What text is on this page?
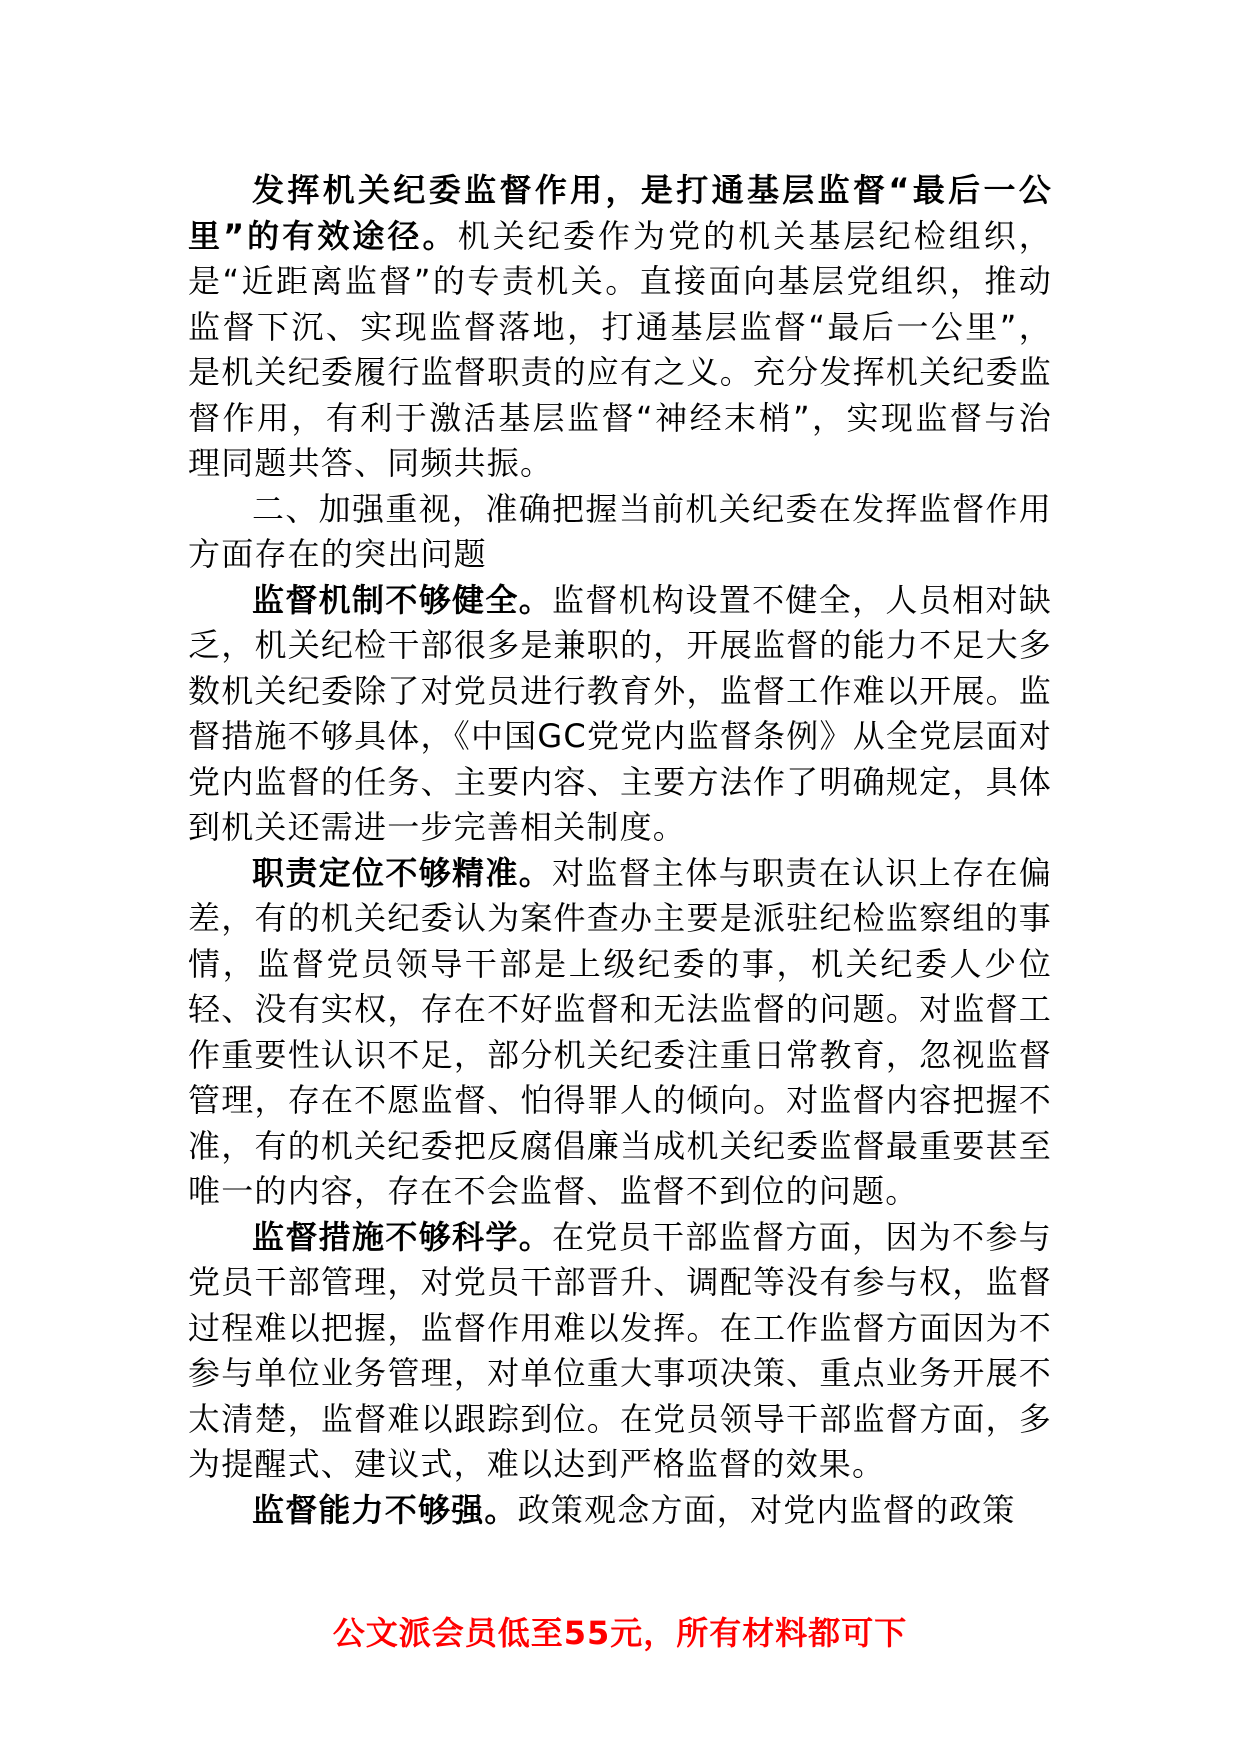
发挥机关纪委监督作用，是打通基层监督“最后一公里”的有效途径。机关纪委作为党的机关基层纪检组织，是“近距离监督”的专责机关。直接面向基层党组织，推动监督下沉、实现监督落地，打通基层监督“最后一公里”，是机关纪委履行监督职责的应有之义。充分发挥机关纪委监督作用，有利于激活基层监督“神经末梢”，实现监督与治理同题共答、同频共振。

二、加强重视，准确把握当前机关纪委在发挥监督作用方面存在的突出问题

监督机制不够健全。监督机构设置不健全，人员相对缺乏，机关纪检干部很多是兼职的，开展监督的能力不足大多数机关纪委除了对党员进行教育外，监督工作难以开展。监督措施不够具体，《中国GC党党内监督条例》从全党层面对党内监督的任务、主要内容、主要方法作了明确规定，具体到机关还需进一步完善相关制度。

职责定位不够精准。对监督主体与职责在认识上存在偏差，有的机关纪委认为案件查办主要是派驻纪检监察组的事情，监督党员领导干部是上级纪委的事，机关纪委人少位轻、没有实权，存在不好监督和无法监督的问题。对监督工作重要性认识不足，部分机关纪委注重日常教育，忽视监督管理，存在不愿监督、怕得罪人的倾向。对监督内容把握不准，有的机关纪委把反腐倡廉当成机关纪委监督最重要甚至唯一的内容，存在不会监督、监督不到位的问题。

监督措施不够科学。在党员干部监督方面，因为不参与党员干部管理，对党员干部晋升、调配等没有参与权，监督过程难以把握，监督作用难以发挥。在工作监督方面因为不参与单位业务管理，对单位重大事项决策、重点业务开展不太清楚，监督难以跟踪到位。在党员领导干部监督方面，多为提醒式、建议式，难以达到严格监督的效果。

监督能力不够强。政策观念方面，对党内监督的政策

公文派会员低至55元，所有材料都可下
